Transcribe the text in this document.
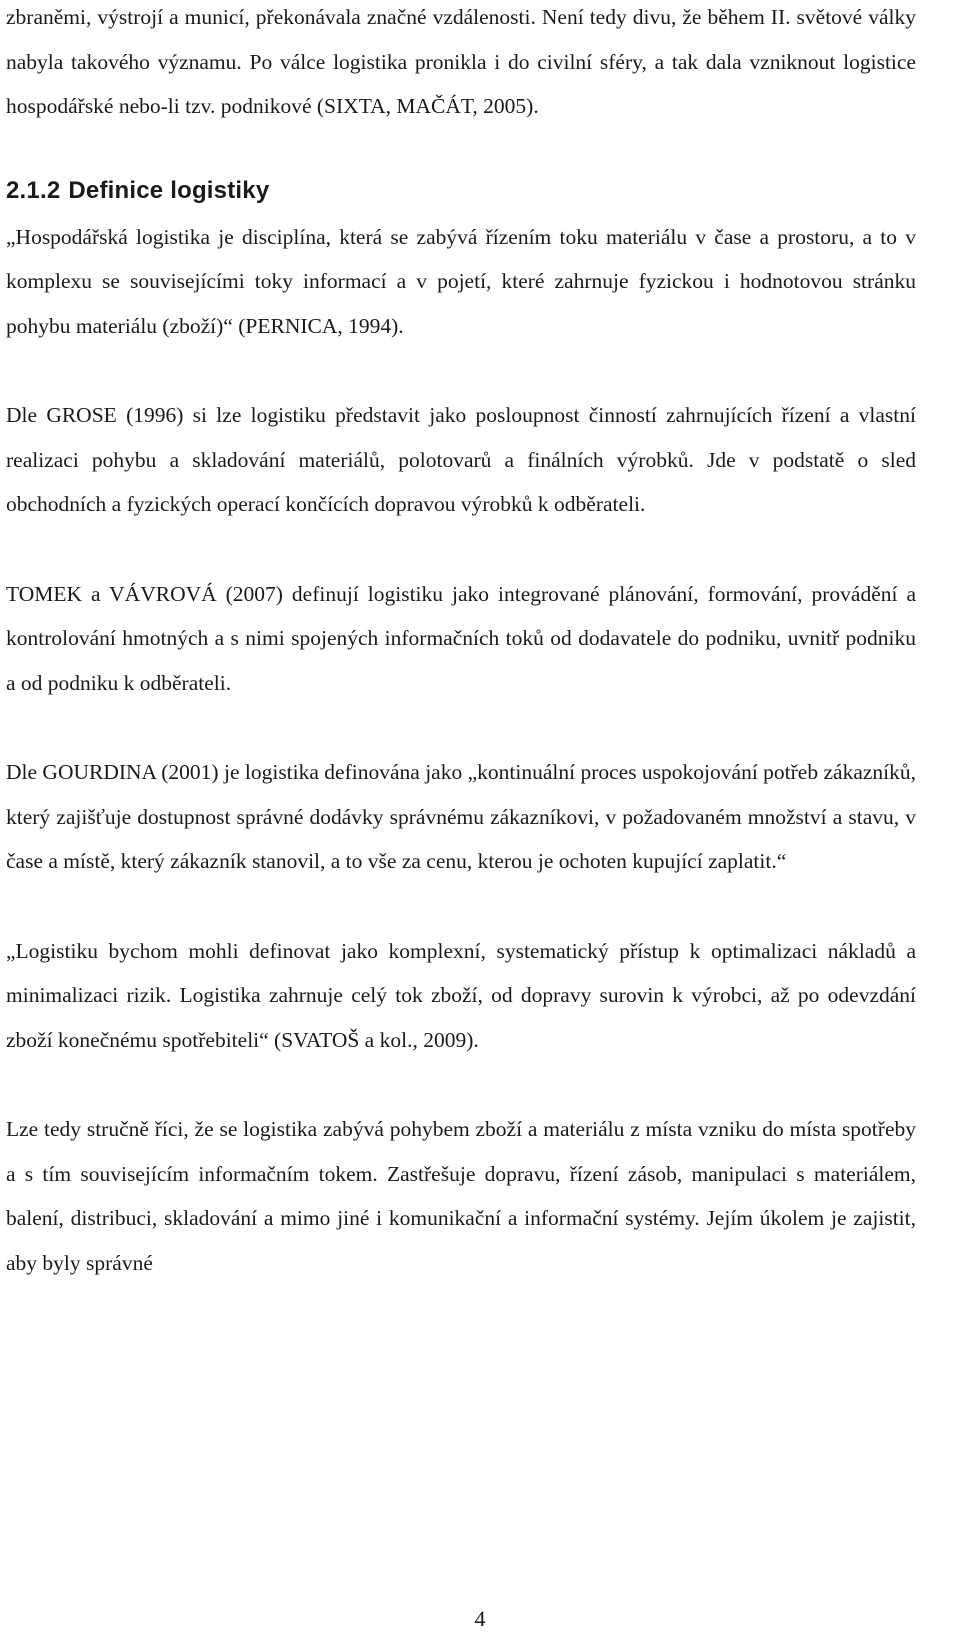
zbraněmi, výstrojí a municí, překonávala značné vzdálenosti. Není tedy divu, že během II. světové války nabyla takového významu. Po válce logistika pronikla i do civilní sféry, a tak dala vzniknout logistice hospodářské nebo-li tzv. podnikové (SIXTA, MAČÁT, 2005).

2.1.2 Definice logistiky

„Hospodářská logistika je disciplína, která se zabývá řízením toku materiálu v čase a prostoru, a to v komplexu se souvisejícími toky informací a v pojetí, které zahrnuje fyzickou i hodnotovou stránku pohybu materiálu (zboží)“ (PERNICA, 1994).

Dle GROSE (1996) si lze logistiku představit jako posloupnost činností zahrnujících řízení a vlastní realizaci pohybu a skladování materiálů, polotovarů a finálních výrobků. Jde v podstatě o sled obchodních a fyzických operací končících dopravou výrobků k odběrateli.

TOMEK a VÁVROVÁ (2007) definují logistiku jako integrované plánování, formování, provádění a kontrolování hmotných a s nimi spojených informačních toků od dodavatele do podniku, uvnitř podniku a od podniku k odběrateli.

Dle GOURDINA (2001) je logistika definována jako „kontinuální proces uspokojování potřeb zákazníků, který zajišťuje dostupnost správné dodávky správnému zákazníkovi, v požadovaném množství a stavu, v čase a místě, který zákazník stanovil, a to vše za cenu, kterou je ochoten kupující zaplatit.“

„Logistiku bychom mohli definovat jako komplexní, systematický přístup k optimalizaci nákladů a minimalizaci rizik. Logistika zahrnuje celý tok zboží, od dopravy surovin k výrobci, až po odevzdání zboží konečnému spotřebiteli“ (SVATOŠ a kol., 2009).

Lze tedy stručně říci, že se logistika zabývá pohybem zboží a materiálu z místa vzniku do místa spotřeby a s tím souvisejícím informačním tokem. Zastřešuje dopravu, řízení zásob, manipulaci s materiálem, balení, distribuci, skladování a mimo jiné i komunikační a informační systémy. Jejím úkolem je zajistit, aby byly správné

4
